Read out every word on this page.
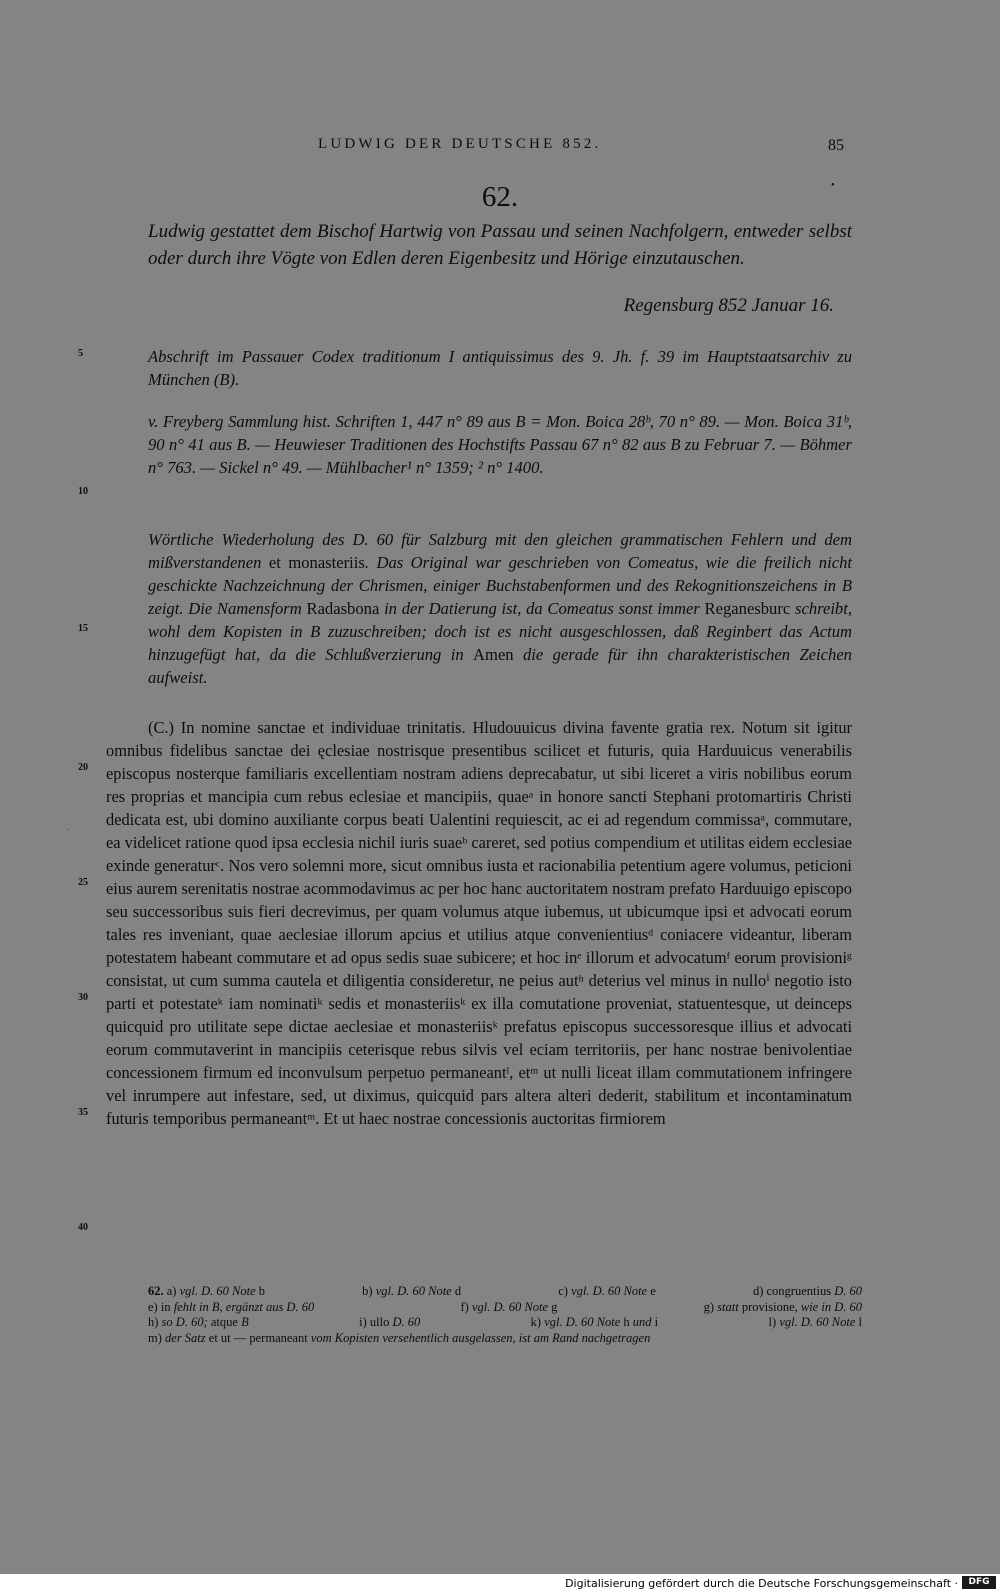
LUDWIG DER DEUTSCHE 852.	85
•
62.
Ludwig gestattet dem Bischof Hartwig von Passau und seinen Nachfolgern, entweder selbst oder durch ihre Vögte von Edlen deren Eigenbesitz und Hörige einzutauschen.
Regensburg 852 Januar 16.
Abschrift im Passauer Codex traditionum I antiquissimus des 9. Jh. f. 39 im Hauptstaatsarchiv zu München (B).
v. Freyberg Sammlung hist. Schriften 1, 447 n° 89 aus B = Mon. Boica 28ᵇ, 70 n° 89. — Mon. Boica 31ᵇ, 90 n° 41 aus B. — Heuwieser Traditionen des Hochstifts Passau 67 n° 82 aus B zu Februar 7. — Böhmer n° 763. — Sickel n° 49. — Mühlbacher¹ n° 1359; ² n° 1400.
Wörtliche Wiederholung des D. 60 für Salzburg mit den gleichen grammatischen Fehlern und dem mißverstandenen et monasteriis. Das Original war geschrieben von Comeatus, wie die freilich nicht geschickte Nachzeichnung der Chrismen, einiger Buchstabenformen und des Rekognitionszeichens in B zeigt. Die Namensform Radasbona in der Datierung ist, da Comeatus sonst immer Reganesburc schreibt, wohl dem Kopisten in B zuzuschreiben; doch ist es nicht ausgeschlossen, daß Reginbert das Actum hinzugefügt hat, da die Schlußverzierung in Amen die gerade für ihn charakteristischen Zeichen aufweist.
5
10
15
20
25
30
35
40
·
(C.) In nomine sanctae et individuae trinitatis. Hludouuicus divina favente gratia rex. Notum sit igitur omnibus fidelibus sanctae dei ęclesiae nostrisque presentibus scilicet et futuris, quia Harduuicus venerabilis episcopus nosterque familiaris excellentiam nostram adiens deprecabatur, ut sibi liceret a viris nobilibus eorum res proprias et mancipia cum rebus eclesiae et mancipiis, quaeᵃ in honore sancti Stephani protomartiris Christi dedicata est, ubi domino auxiliante corpus beati Ualentini requiescit, ac ei ad regendum commissaᵃ, commutare, ea videlicet ratione quod ipsa ecclesia nichil iuris suaeᵇ careret, sed potius compendium et utilitas eidem ecclesiae exinde generaturᶜ. Nos vero solemni more, sicut omnibus iusta et racionabilia petentium agere volumus, peticioni eius aurem serenitatis nostrae acommodavimus ac per hoc hanc auctoritatem nostram prefato Harduuigo episcopo seu successoribus suis fieri decrevimus, per quam volumus atque iubemus, ut ubicumque ipsi et advocati eorum tales res inveniant, quae aeclesiae illorum apcius et utilius atque convenientiusᵈ coniacere videantur, liberam potestatem habeant commutare et ad opus sedis suae subicere; et hoc inᵉ illorum et advocatumᶠ eorum provisioniᵍ consistat, ut cum summa cautela et diligentia consideretur, ne peius autʰ deterius vel minus in nulloⁱ negotio isto parti et potestateᵏ iam nominatiᵏ sedis et monasteriisᵏ ex illa comutatione proveniat, statuentesque, ut deinceps quicquid pro utilitate sepe dictae aeclesiae et monasteriisᵏ prefatus episcopus successoresque illius et advocati eorum commutaverint in mancipiis ceterisque rebus silvis vel eciam territoriis, per hanc nostrae benivolentiae concessionem firmum ed inconvulsum perpetuo permaneantˡ, etᵐ ut nulli liceat illam commutationem infringere vel inrumpere aut infestare, sed, ut diximus, quicquid pars altera alteri dederit, stabilitum et incontaminatum futuris temporibus permaneantᵐ. Et ut haec nostrae concessionis auctoritas firmiorem
62. a) vgl. D. 60 Note b	b) vgl. D. 60 Note d	c) vgl. D. 60 Note e	d) congruentius D. 60
e) in fehlt in B, ergänzt aus D. 60	f) vgl. D. 60 Note g	g) statt provisione, wie in D. 60
h) so D. 60; atque B	i) ullo D. 60	k) vgl. D. 60 Note h und i	l) vgl. D. 60 Note l
m) der Satz et ut — permaneant vom Kopisten versehentlich ausgelassen, ist am Rand nachgetragen
Digitalisierung gefördert durch die Deutsche Forschungsgemeinschaft ·	DFG
